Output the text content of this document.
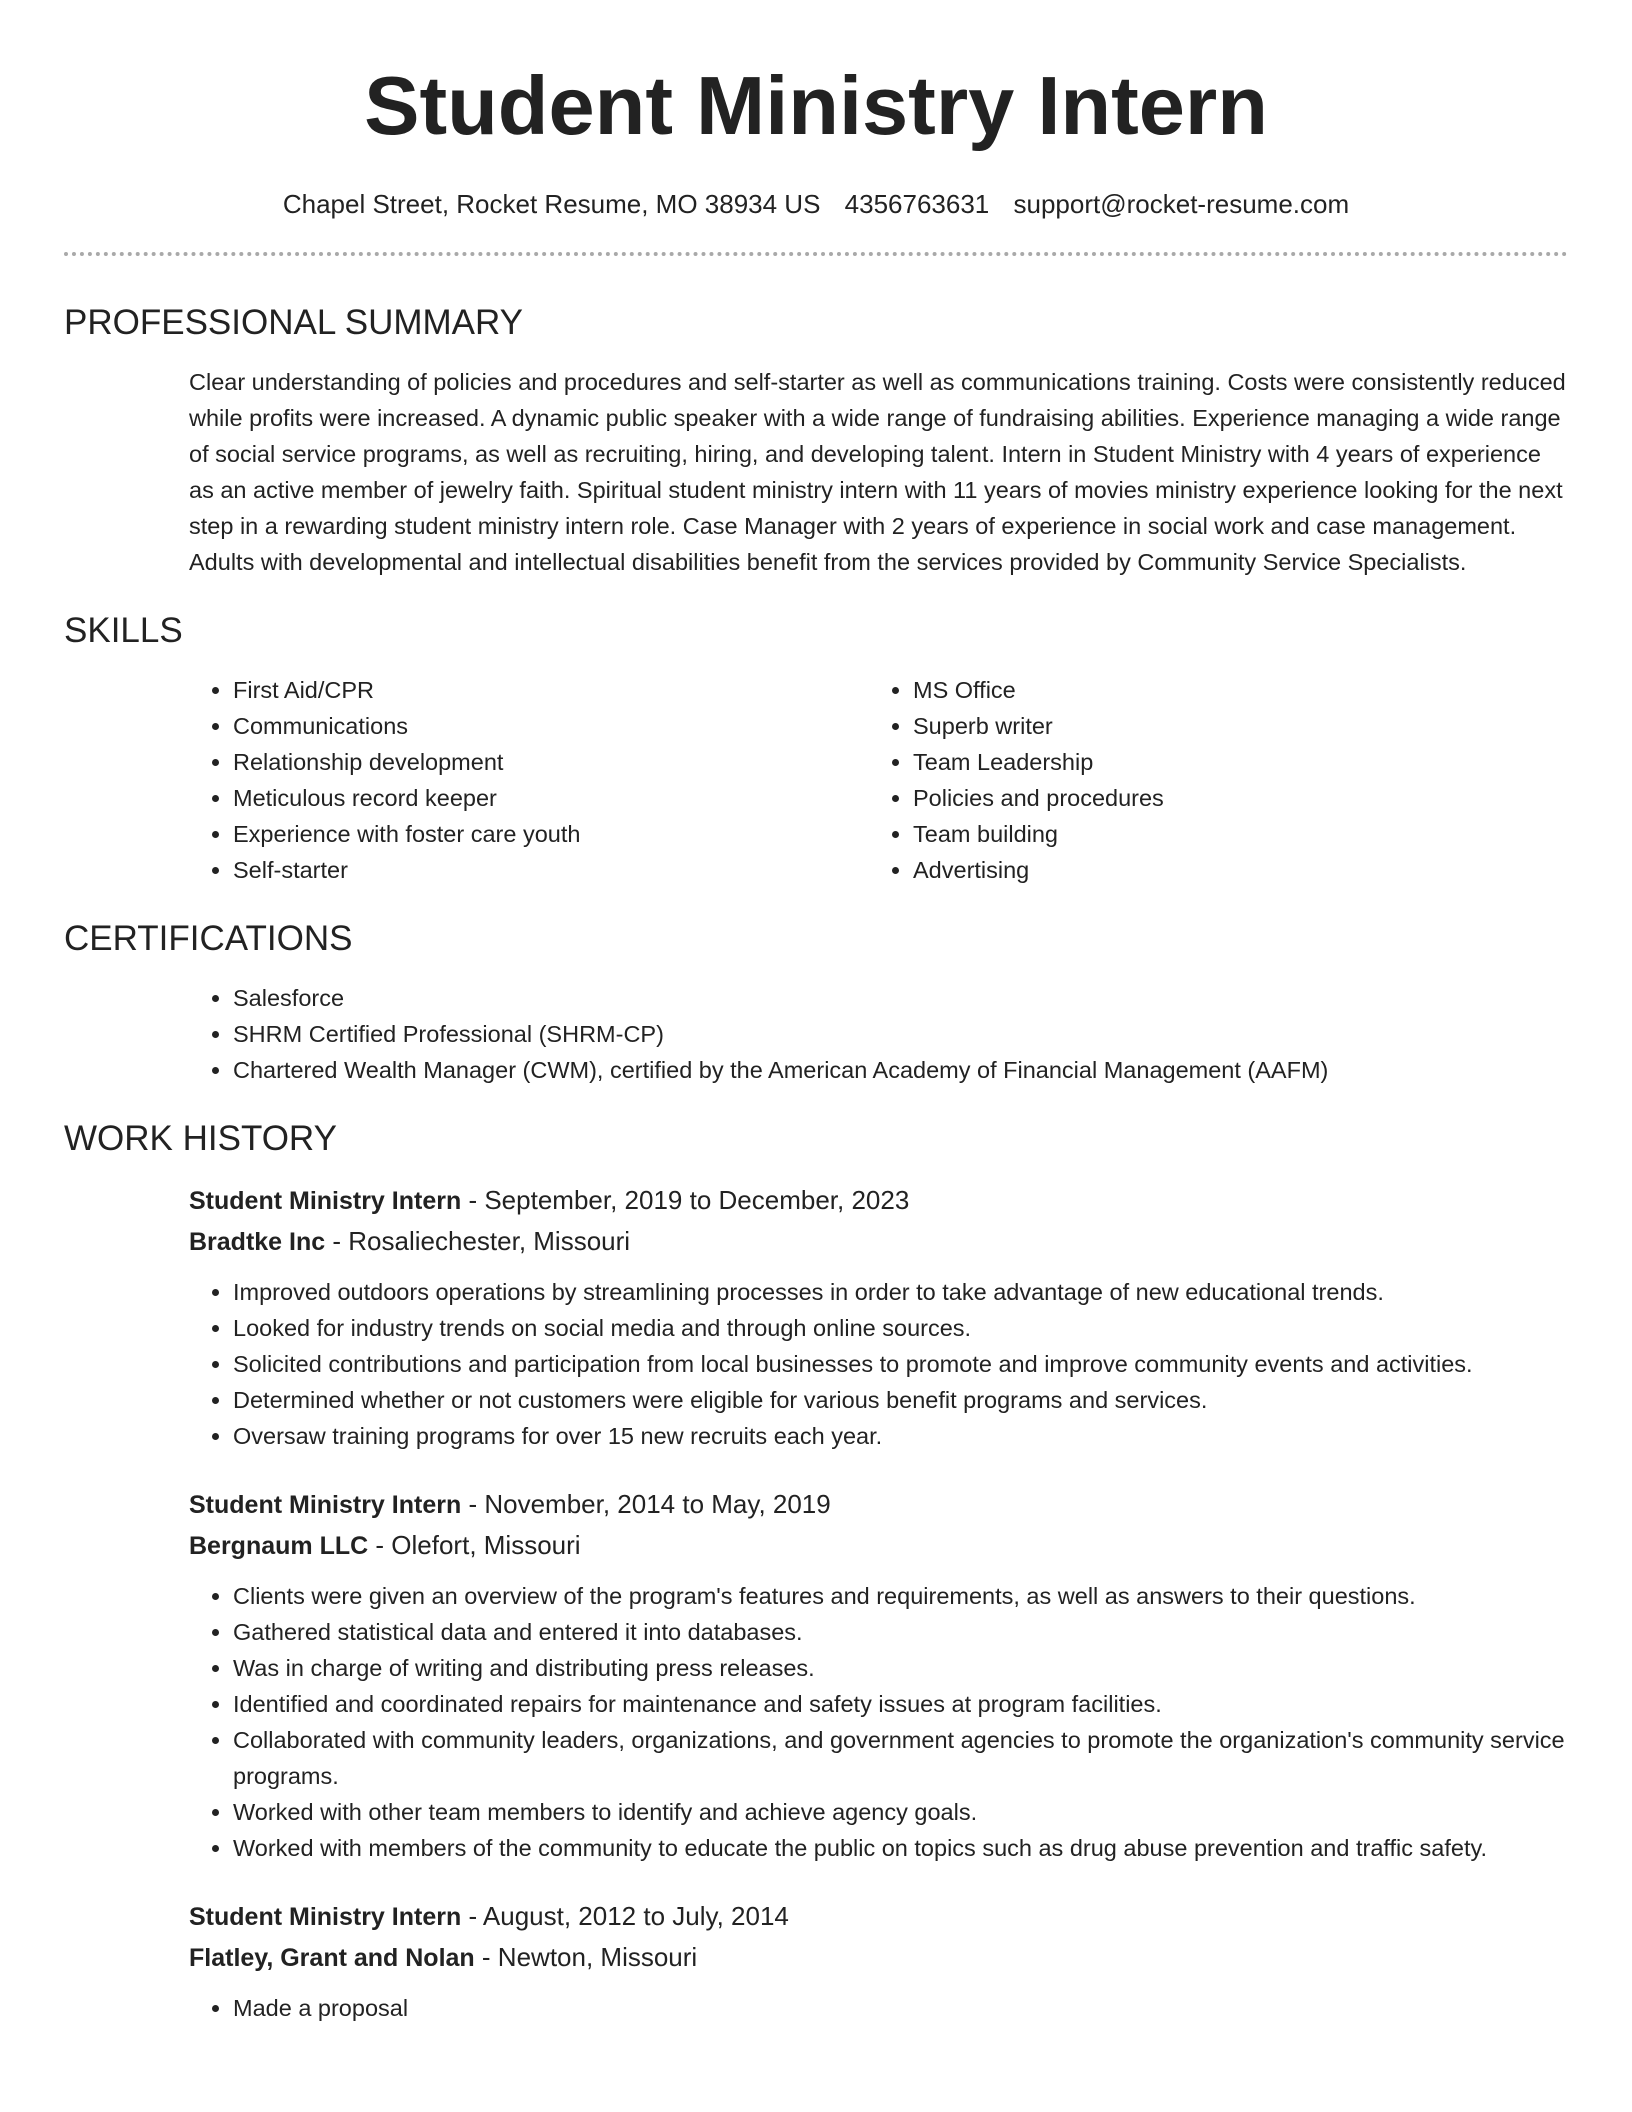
Student Ministry Intern
Chapel Street, Rocket Resume, MO 38934 US 4356763631 support@rocket-resume.com
PROFESSIONAL SUMMARY
Clear understanding of policies and procedures and self-starter as well as communications training. Costs were consistently reduced while profits were increased. A dynamic public speaker with a wide range of fundraising abilities. Experience managing a wide range of social service programs, as well as recruiting, hiring, and developing talent. Intern in Student Ministry with 4 years of experience as an active member of jewelry faith. Spiritual student ministry intern with 11 years of movies ministry experience looking for the next step in a rewarding student ministry intern role. Case Manager with 2 years of experience in social work and case management. Adults with developmental and intellectual disabilities benefit from the services provided by Community Service Specialists.
SKILLS
• First Aid/CPR
• Communications
• Relationship development
• Meticulous record keeper
• Experience with foster care youth
• Self-starter
• MS Office
• Superb writer
• Team Leadership
• Policies and procedures
• Team building
• Advertising
CERTIFICATIONS
• Salesforce
• SHRM Certified Professional (SHRM-CP)
• Chartered Wealth Manager (CWM), certified by the American Academy of Financial Management (AAFM)
WORK HISTORY
Student Ministry Intern - September, 2019 to December, 2023
Bradtke Inc - Rosaliechester, Missouri
• Improved outdoors operations by streamlining processes in order to take advantage of new educational trends.
• Looked for industry trends on social media and through online sources.
• Solicited contributions and participation from local businesses to promote and improve community events and activities.
• Determined whether or not customers were eligible for various benefit programs and services.
• Oversaw training programs for over 15 new recruits each year.
Student Ministry Intern - November, 2014 to May, 2019
Bergnaum LLC - Olefort, Missouri
• Clients were given an overview of the program's features and requirements, as well as answers to their questions.
• Gathered statistical data and entered it into databases.
• Was in charge of writing and distributing press releases.
• Identified and coordinated repairs for maintenance and safety issues at program facilities.
• Collaborated with community leaders, organizations, and government agencies to promote the organization's community service programs.
• Worked with other team members to identify and achieve agency goals.
• Worked with members of the community to educate the public on topics such as drug abuse prevention and traffic safety.
Student Ministry Intern - August, 2012 to July, 2014
Flatley, Grant and Nolan - Newton, Missouri
• Made a proposal
